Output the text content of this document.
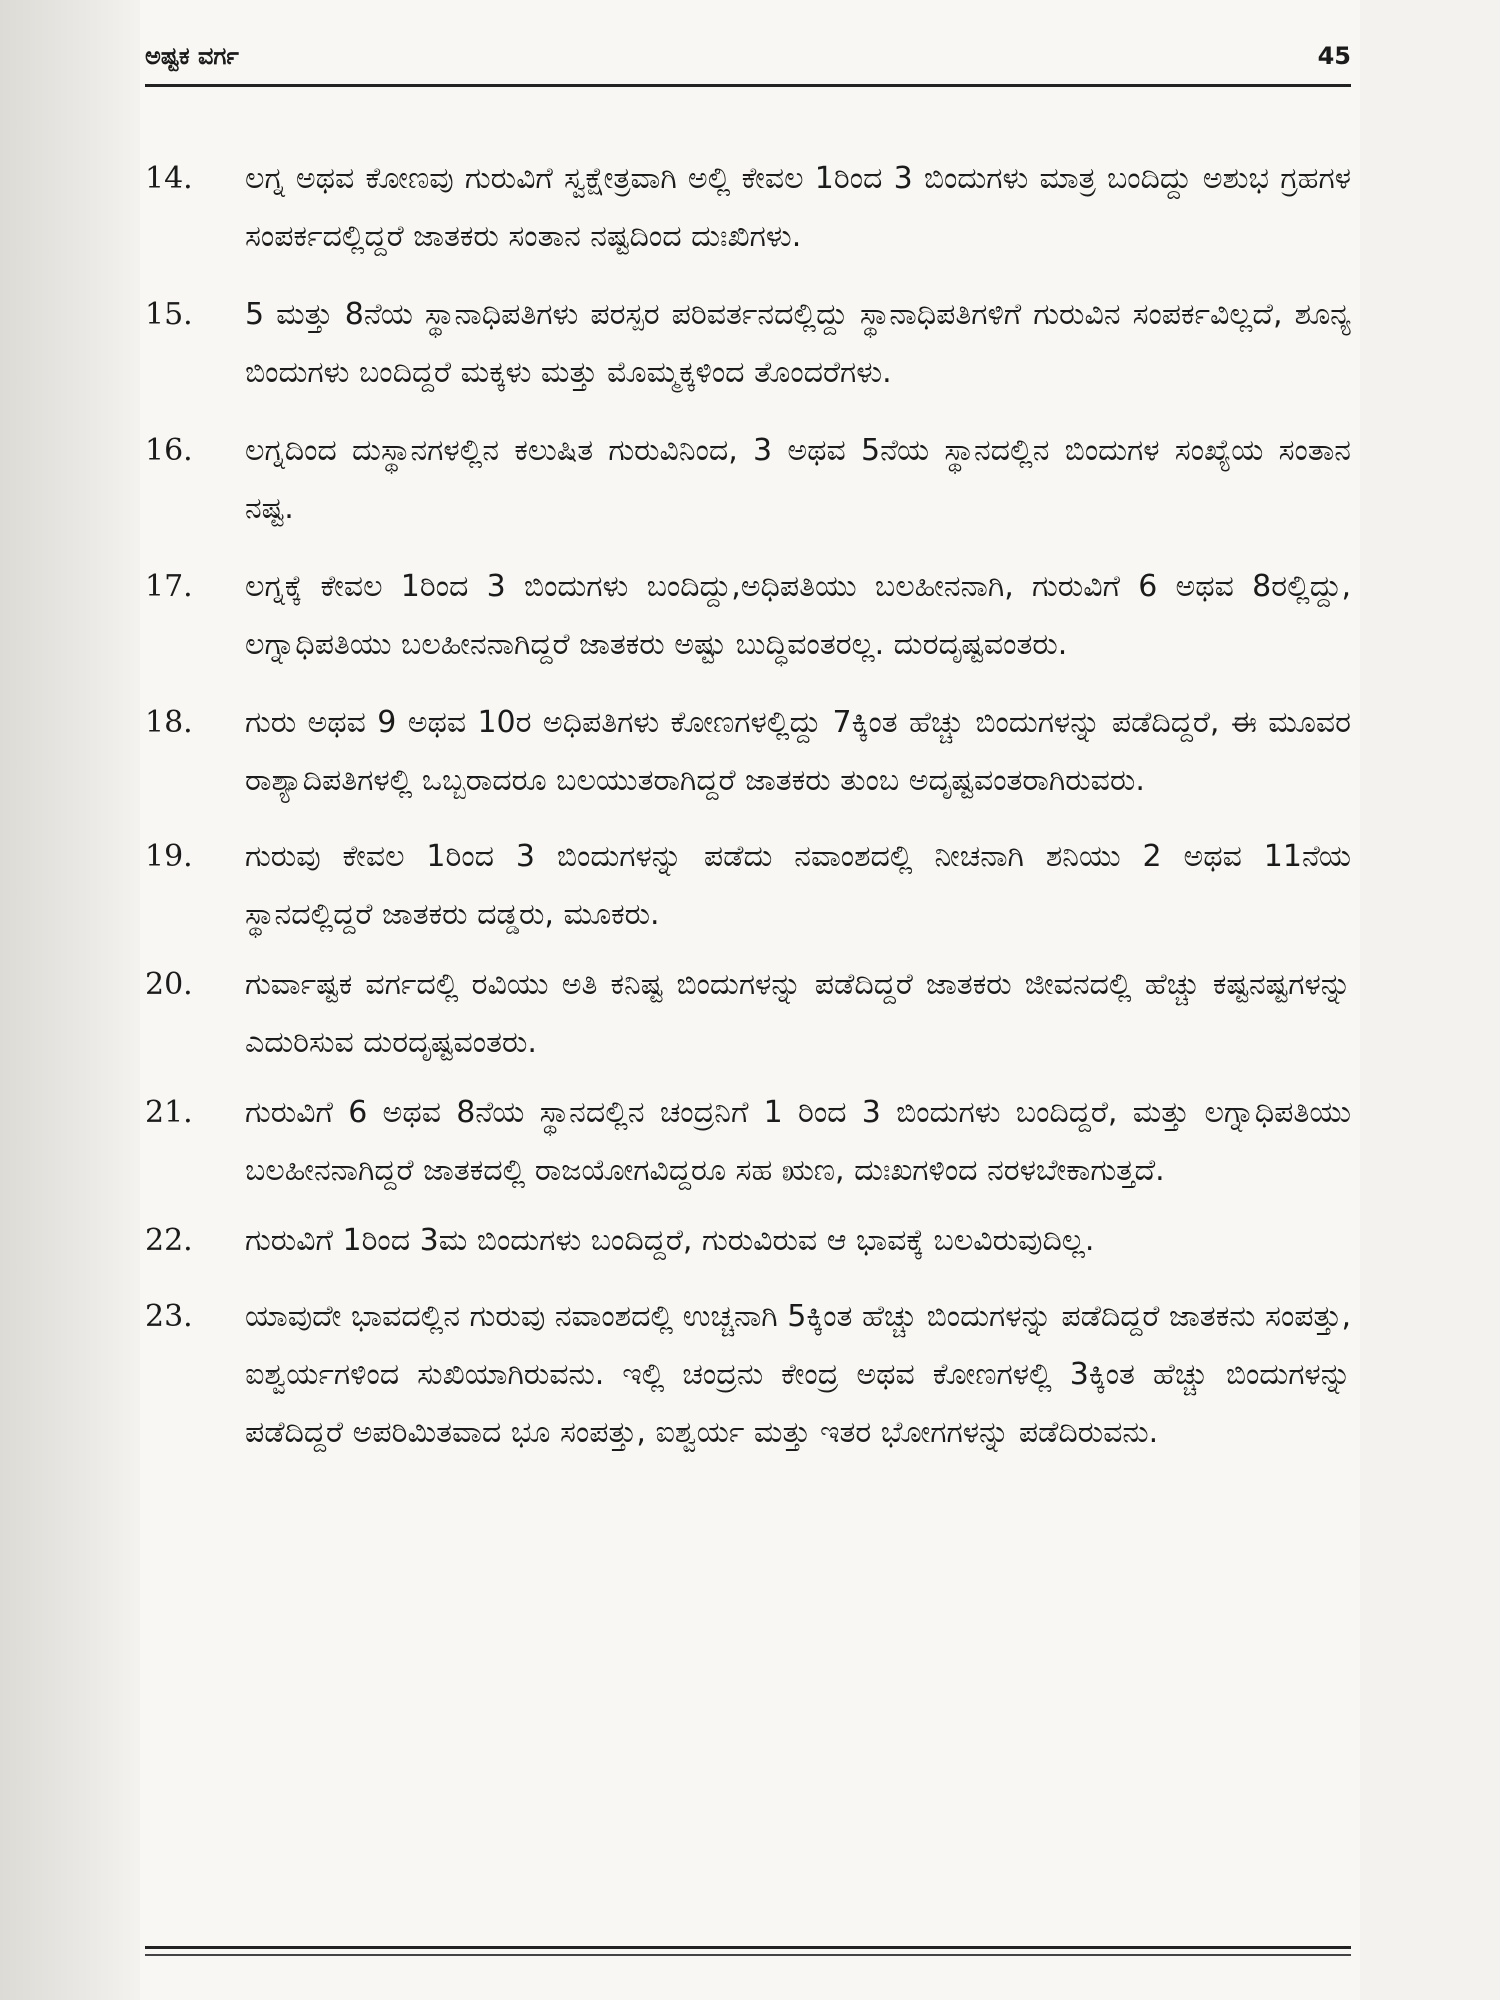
ಅಷ್ಟಕ ವರ್ಗ	45
14. ಲಗ್ನ ಅಥವ ಕೋಣವು ಗುರುವಿಗೆ ಸ್ವಕ್ಷೇತ್ರವಾಗಿ ಅಲ್ಲಿ ಕೇವಲ 1ರಿಂದ 3 ಬಿಂದುಗಳು ಮಾತ್ರ ಬಂದಿದ್ದು ಅಶುಭ ಗ್ರಹಗಳ ಸಂಪರ್ಕದಲ್ಲಿದ್ದರೆ ಜಾತಕರು ಸಂತಾನ ನಷ್ಟದಿಂದ ದುಃಖಿಗಳು.
15. 5 ಮತ್ತು 8ನೆಯ ಸ್ಥಾನಾಧಿಪತಿಗಳು ಪರಸ್ಪರ ಪರಿವರ್ತನದಲ್ಲಿದ್ದು ಸ್ಥಾನಾಧಿಪತಿಗಳಿಗೆ ಗುರುವಿನ ಸಂಪರ್ಕವಿಲ್ಲದೆ, ಶೂನ್ಯ ಬಿಂದುಗಳು ಬಂದಿದ್ದರೆ ಮಕ್ಕಳು ಮತ್ತು ಮೊಮ್ಮಕ್ಕಳಿಂದ ತೊಂದರೆಗಳು.
16. ಲಗ್ನದಿಂದ ದುಸ್ಥಾನಗಳಲ್ಲಿನ ಕಲುಷಿತ ಗುರುವಿನಿಂದ, 3 ಅಥವ 5ನೆಯ ಸ್ಥಾನದಲ್ಲಿನ ಬಿಂದುಗಳ ಸಂಖ್ಯೆಯ ಸಂತಾನ ನಷ್ಟ.
17. ಲಗ್ನಕ್ಕೆ ಕೇವಲ 1ರಿಂದ 3 ಬಿಂದುಗಳು ಬಂದಿದ್ದು,ಅಧಿಪತಿಯು ಬಲಹೀನನಾಗಿ, ಗುರುವಿಗೆ 6 ಅಥವ 8ರಲ್ಲಿದ್ದು, ಲಗ್ನಾಧಿಪತಿಯು ಬಲಹೀನನಾಗಿದ್ದರೆ ಜಾತಕರು ಅಷ್ಟು ಬುದ್ಧಿವಂತರಲ್ಲ. ದುರದೃಷ್ಟವಂತರು.
18. ಗುರು ಅಥವ 9 ಅಥವ 10ರ ಅಧಿಪತಿಗಳು ಕೋಣಗಳಲ್ಲಿದ್ದು 7ಕ್ಕಿಂತ ಹೆಚ್ಚು ಬಿಂದುಗಳನ್ನು ಪಡೆದಿದ್ದರೆ, ಈ ಮೂವರ ರಾಶ್ಯಾದಿಪತಿಗಳಲ್ಲಿ ಒಬ್ಬರಾದರೂ ಬಲಯುತರಾಗಿದ್ದರೆ ಜಾತಕರು ತುಂಬ ಅದೃಷ್ಟವಂತರಾಗಿರುವರು.
19. ಗುರುವು ಕೇವಲ 1ರಿಂದ 3 ಬಿಂದುಗಳನ್ನು ಪಡೆದು ನವಾಂಶದಲ್ಲಿ ನೀಚನಾಗಿ ಶನಿಯು 2 ಅಥವ 11ನೆಯ ಸ್ಥಾನದಲ್ಲಿದ್ದರೆ ಜಾತಕರು ದಡ್ಡರು, ಮೂಕರು.
20. ಗುರ್ವಾಷ್ಟಕ ವರ್ಗದಲ್ಲಿ ರವಿಯು ಅತಿ ಕನಿಷ್ಟ ಬಿಂದುಗಳನ್ನು ಪಡೆದಿದ್ದರೆ ಜಾತಕರು ಜೀವನದಲ್ಲಿ ಹೆಚ್ಚು ಕಷ್ಟನಷ್ಟಗಳನ್ನು ಎದುರಿಸುವ ದುರದೃಷ್ಟವಂತರು.
21. ಗುರುವಿಗೆ 6 ಅಥವ 8ನೆಯ ಸ್ಥಾನದಲ್ಲಿನ ಚಂದ್ರನಿಗೆ 1 ರಿಂದ 3 ಬಿಂದುಗಳು ಬಂದಿದ್ದರೆ, ಮತ್ತು ಲಗ್ನಾಧಿಪತಿಯು ಬಲಹೀನನಾಗಿದ್ದರೆ ಜಾತಕದಲ್ಲಿ ರಾಜಯೋಗವಿದ್ದರೂ ಸಹ ಋಣ, ದುಃಖಗಳಿಂದ ನರಳಬೇಕಾಗುತ್ತದೆ.
22. ಗುರುವಿಗೆ 1ರಿಂದ 3ಮ ಬಿಂದುಗಳು ಬಂದಿದ್ದರೆ, ಗುರುವಿರುವ ಆ ಭಾವಕ್ಕೆ ಬಲವಿರುವುದಿಲ್ಲ.
23. ಯಾವುದೇ ಭಾವದಲ್ಲಿನ ಗುರುವು ನವಾಂಶದಲ್ಲಿ ಉಚ್ಚನಾಗಿ 5ಕ್ಕಿಂತ ಹೆಚ್ಚು ಬಿಂದುಗಳನ್ನು ಪಡೆದಿದ್ದರೆ ಜಾತಕನು ಸಂಪತ್ತು, ಐಶ್ವರ್ಯಗಳಿಂದ ಸುಖಿಯಾಗಿರುವನು. ಇಲ್ಲಿ ಚಂದ್ರನು ಕೇಂದ್ರ ಅಥವ ಕೋಣಗಳಲ್ಲಿ 3ಕ್ಕಿಂತ ಹೆಚ್ಚು ಬಿಂದುಗಳನ್ನು ಪಡೆದಿದ್ದರೆ ಅಪರಿಮಿತವಾದ ಭೂ ಸಂಪತ್ತು, ಐಶ್ವರ್ಯ ಮತ್ತು ಇತರ ಭೋಗಗಳನ್ನು ಪಡೆದಿರುವನು.
